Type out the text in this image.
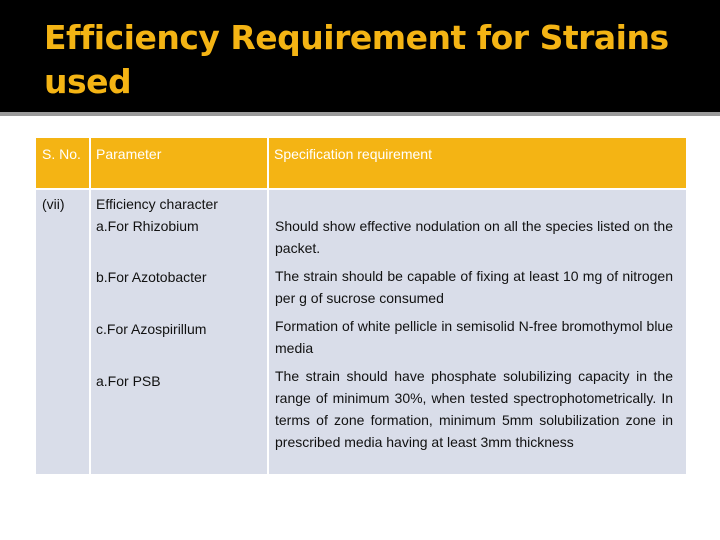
Efficiency Requirement for Strains used
S. No. Parameter	Specification requirement
(vii) Efficiency character
a.For Rhizobium	Should show effective nodulation on all the species listed on the packet.
b.For Azotobacter	The strain should be capable of fixing at least 10 mg of nitrogen per g of sucrose consumed
c.For Azospirillum	Formation of white pellicle in semisolid N-free bromothymol blue media
a.For PSB	The strain should have phosphate solubilizing capacity in the range of minimum 30%, when tested spectrophotometrically. In terms of zone formation, minimum 5mm solubilization zone in prescribed media having at least 3mm thickness
